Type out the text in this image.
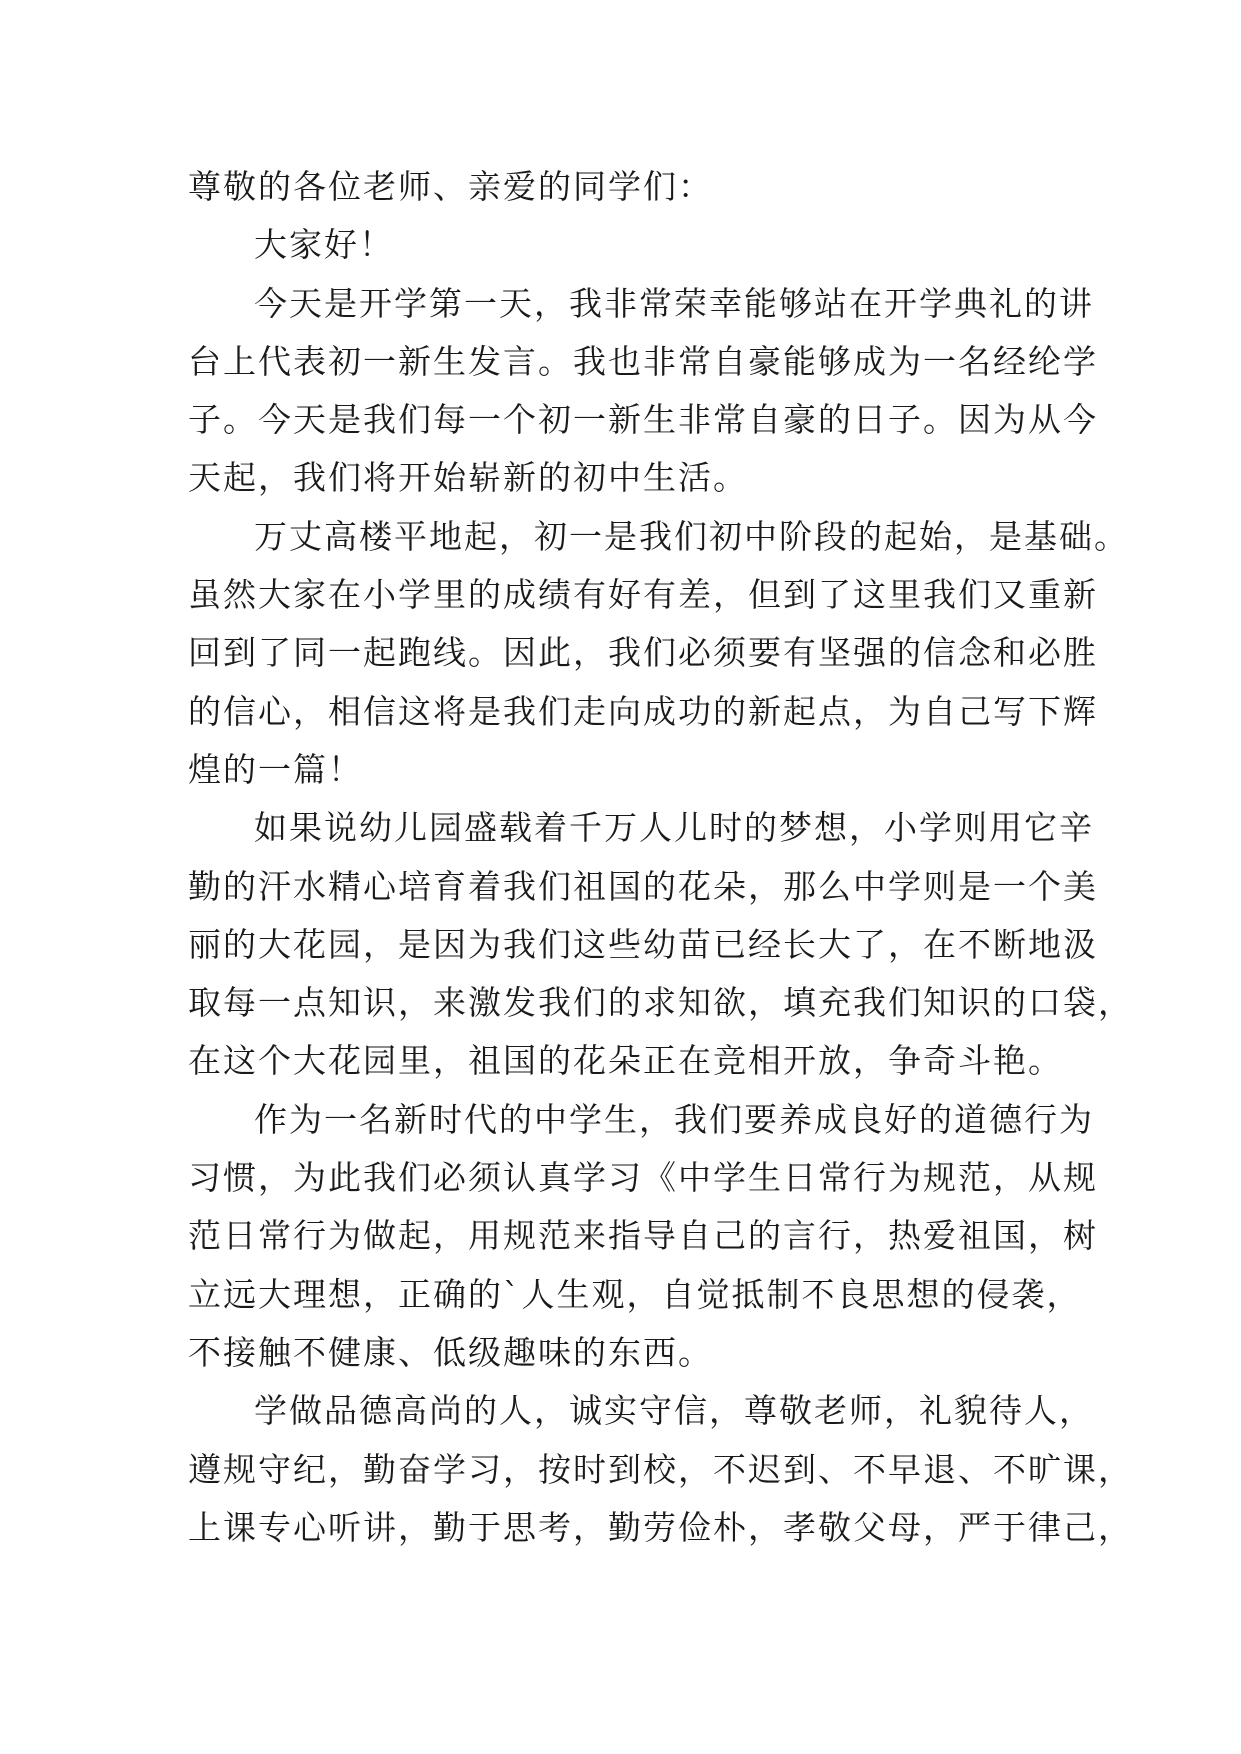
尊敬的各位老师、亲爱的同学们：
大家好！
今天是开学第一天，我非常荣幸能够站在开学典礼的讲
台上代表初一新生发言。我也非常自豪能够成为一名经纶学
子。今天是我们每一个初一新生非常自豪的日子。因为从今
天起，我们将开始崭新的初中生活。
万丈高楼平地起，初一是我们初中阶段的起始，是基础。
虽然大家在小学里的成绩有好有差，但到了这里我们又重新
回到了同一起跑线。因此，我们必须要有坚强的信念和必胜
的信心，相信这将是我们走向成功的新起点，为自己写下辉
煌的一篇！
如果说幼儿园盛载着千万人儿时的梦想，小学则用它辛
勤的汗水精心培育着我们祖国的花朵，那么中学则是一个美
丽的大花园，是因为我们这些幼苗已经长大了，在不断地汲
取每一点知识，来激发我们的求知欲，填充我们知识的口袋，
在这个大花园里，祖国的花朵正在竞相开放，争奇斗艳。
作为一名新时代的中学生，我们要养成良好的道德行为
习惯，为此我们必须认真学习《中学生日常行为规范，从规
范日常行为做起，用规范来指导自己的言行，热爱祖国，树
立远大理想，正确的`人生观，自觉抵制不良思想的侵袭，
不接触不健康、低级趣味的东西。
学做品德高尚的人，诚实守信，尊敬老师，礼貌待人，
遵规守纪，勤奋学习，按时到校，不迟到、不早退、不旷课，
上课专心听讲，勤于思考，勤劳俭朴，孝敬父母，严于律己，
